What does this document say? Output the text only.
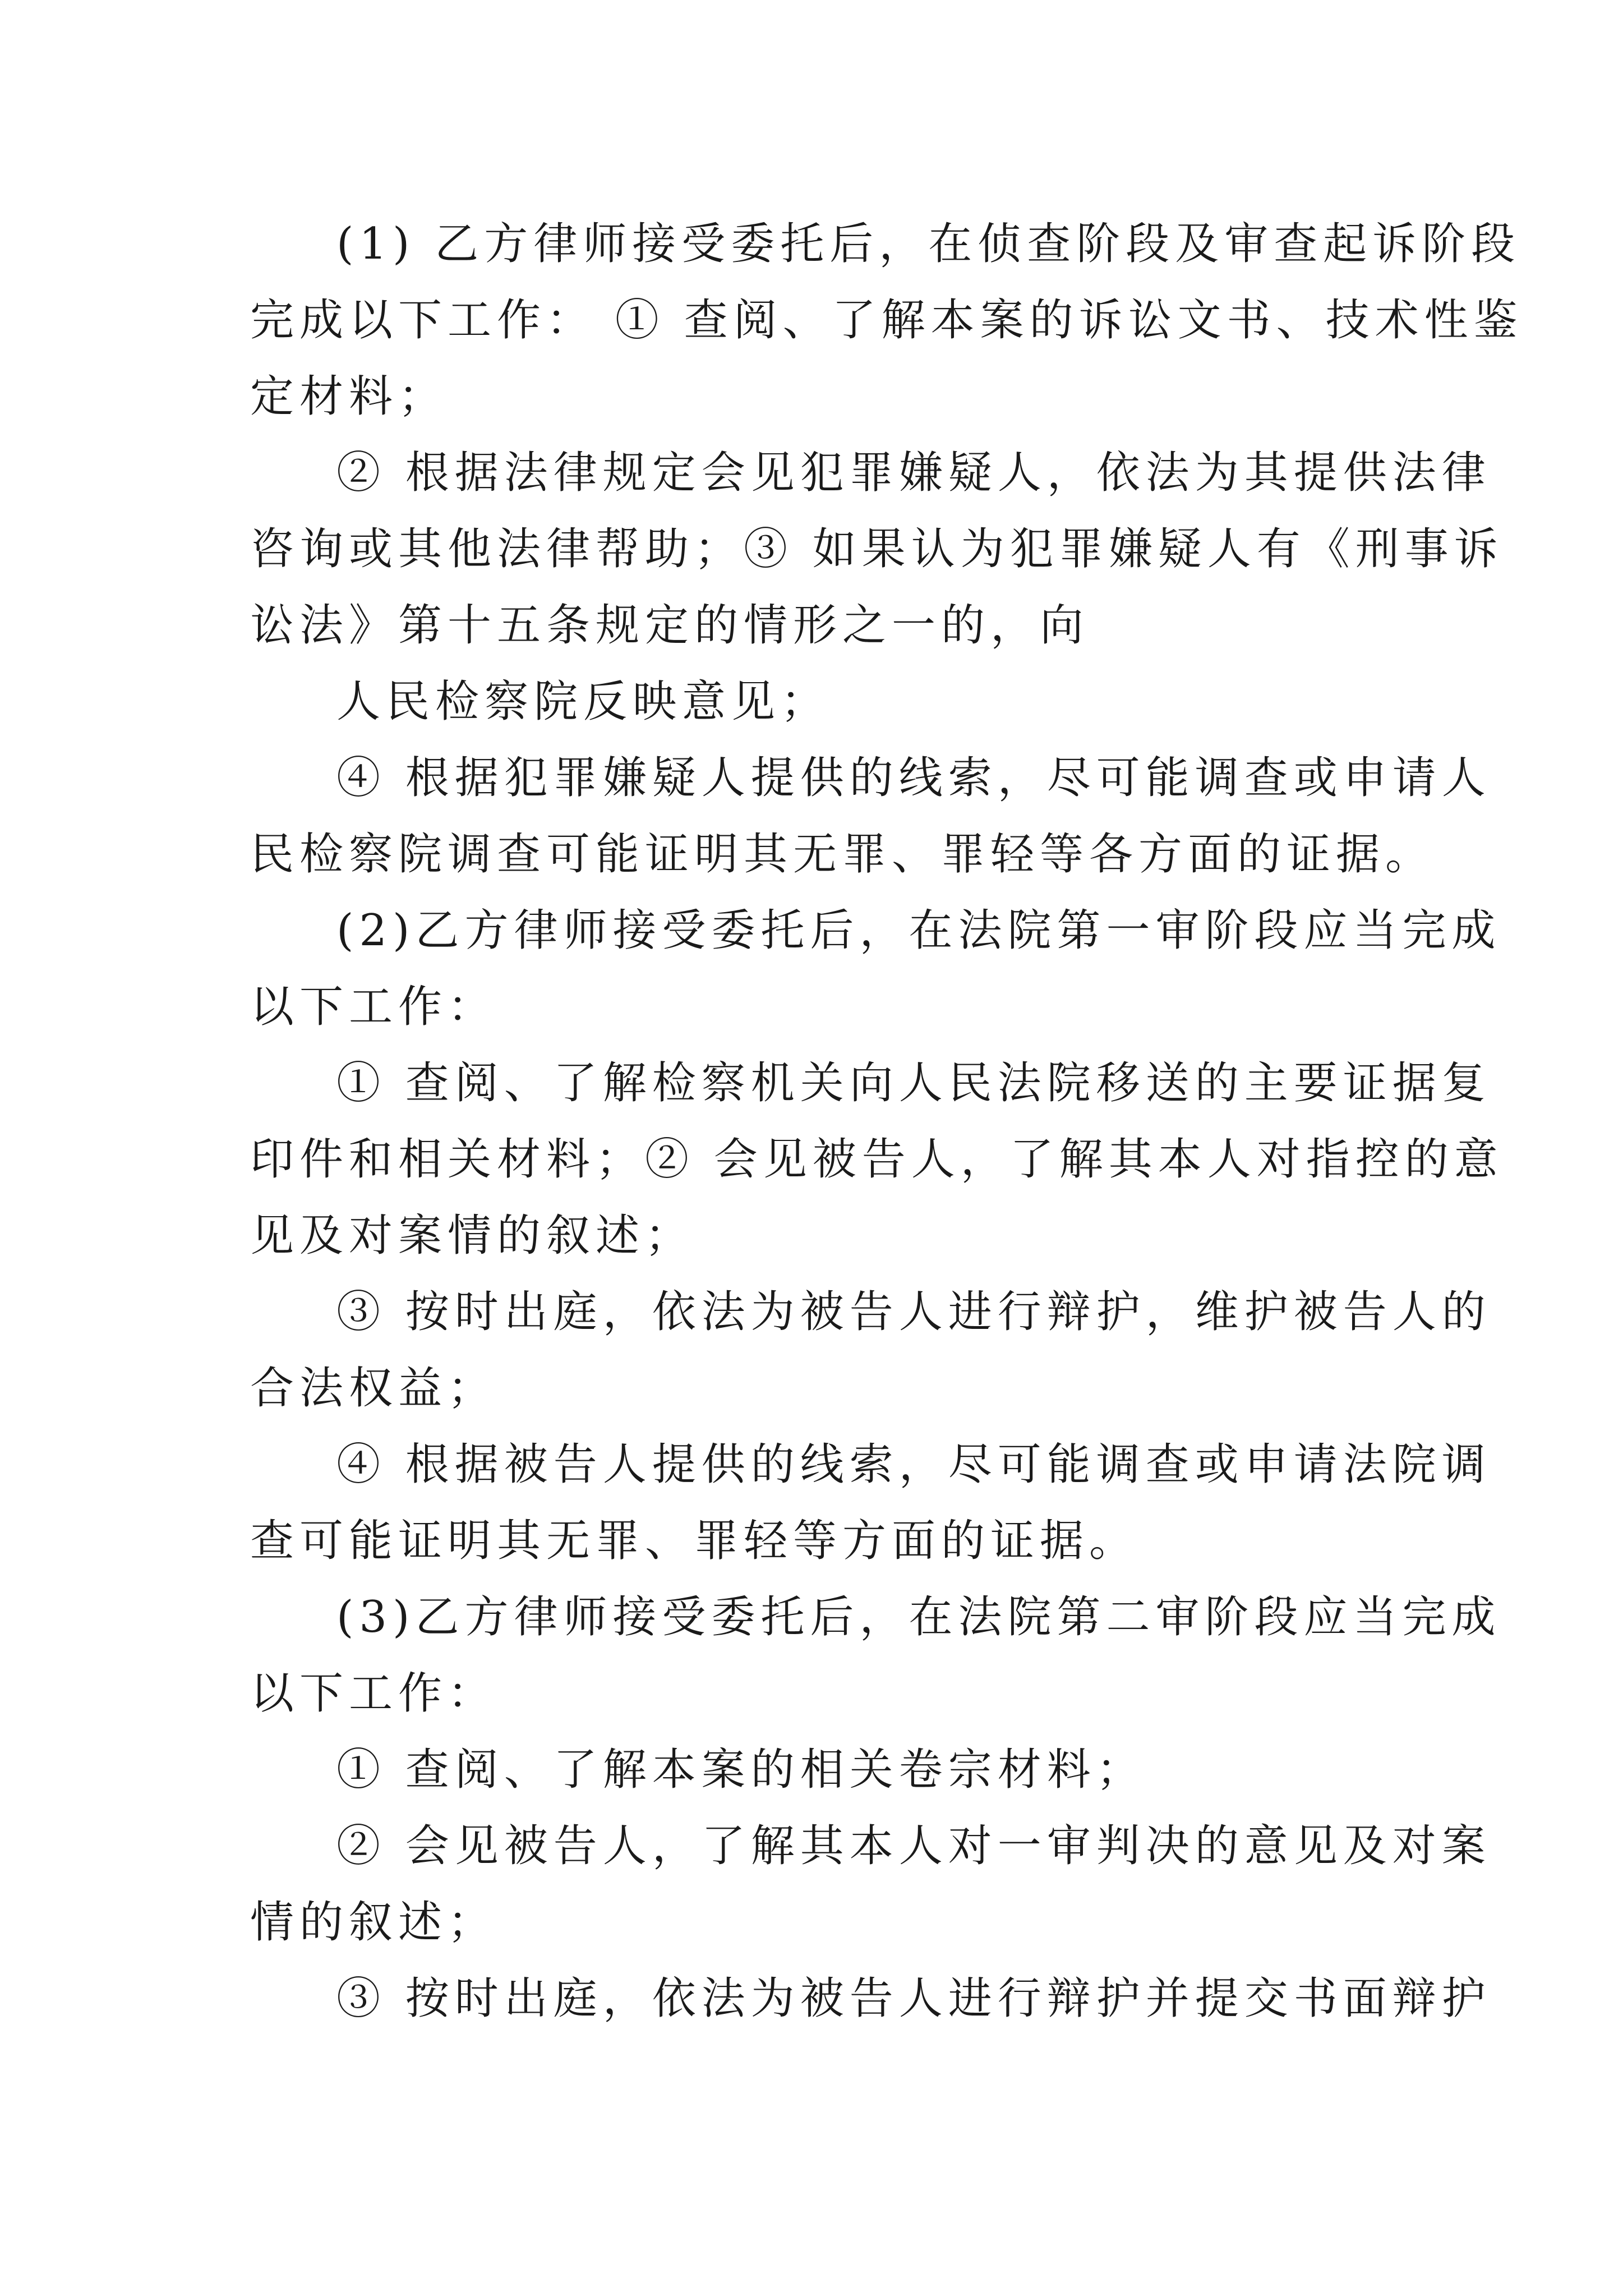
(1) 乙方律师接受委托后，在侦查阶段及审查起诉阶段

完成以下工作： ① 查阅、了解本案的诉讼文书、技术性鉴

定材料；

② 根据法律规定会见犯罪嫌疑人，依法为其提供法律

咨询或其他法律帮助；③ 如果认为犯罪嫌疑人有《刑事诉

讼法》第十五条规定的情形之一的，向

人民检察院反映意见；

④ 根据犯罪嫌疑人提供的线索，尽可能调查或申请人

民检察院调查可能证明其无罪、罪轻等各方面的证据。

(2)乙方律师接受委托后，在法院第一审阶段应当完成

以下工作：

① 查阅、了解检察机关向人民法院移送的主要证据复

印件和相关材料；② 会见被告人，了解其本人对指控的意

见及对案情的叙述；

③ 按时出庭，依法为被告人进行辩护，维护被告人的

合法权益；

④ 根据被告人提供的线索，尽可能调查或申请法院调

查可能证明其无罪、罪轻等方面的证据。

(3)乙方律师接受委托后，在法院第二审阶段应当完成

以下工作：

① 查阅、了解本案的相关卷宗材料；

② 会见被告人，了解其本人对一审判决的意见及对案

情的叙述；

③ 按时出庭，依法为被告人进行辩护并提交书面辩护
